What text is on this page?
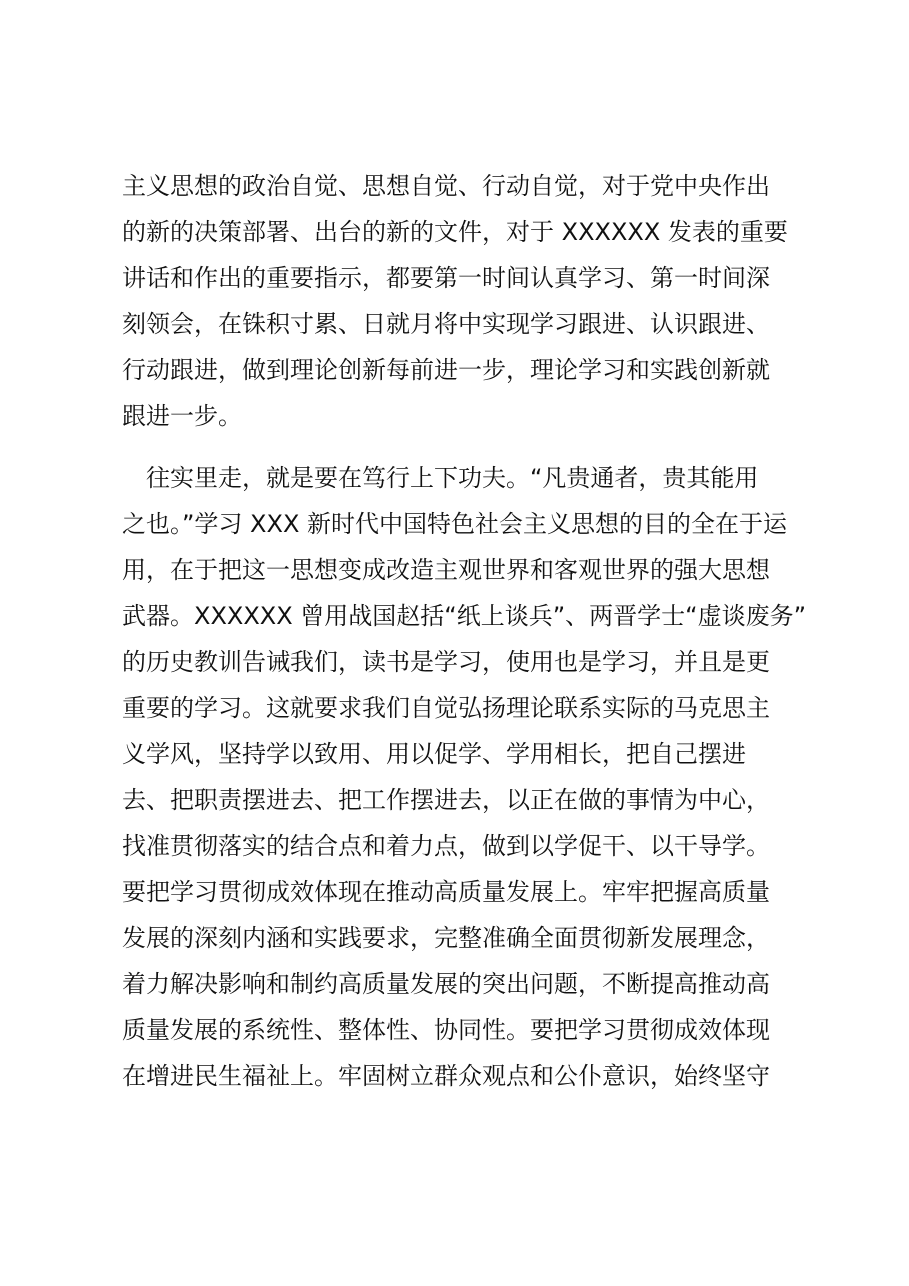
主义思想的政治自觉、思想自觉、行动自觉，对于党中央作出
的新的决策部署、出台的新的文件，对于 XXXXXX 发表的重要
讲话和作出的重要指示，都要第一时间认真学习、第一时间深
刻领会，在铢积寸累、日就月将中实现学习跟进、认识跟进、
行动跟进，做到理论创新每前进一步，理论学习和实践创新就
跟进一步。
　往实里走，就是要在笃行上下功夫。“凡贵通者，贵其能用
之也。”学习 XXX 新时代中国特色社会主义思想的目的全在于运
用，在于把这一思想变成改造主观世界和客观世界的强大思想
武器。XXXXXX 曾用战国赵括“纸上谈兵”、两晋学士“虚谈废务”
的历史教训告诫我们，读书是学习，使用也是学习，并且是更
重要的学习。这就要求我们自觉弘扬理论联系实际的马克思主
义学风，坚持学以致用、用以促学、学用相长，把自己摆进
去、把职责摆进去、把工作摆进去，以正在做的事情为中心，
找准贯彻落实的结合点和着力点，做到以学促干、以干导学。
要把学习贯彻成效体现在推动高质量发展上。牢牢把握高质量
发展的深刻内涵和实践要求，完整准确全面贯彻新发展理念，
着力解决影响和制约高质量发展的突出问题，不断提高推动高
质量发展的系统性、整体性、协同性。要把学习贯彻成效体现
在增进民生福祉上。牢固树立群众观点和公仆意识，始终坚守
